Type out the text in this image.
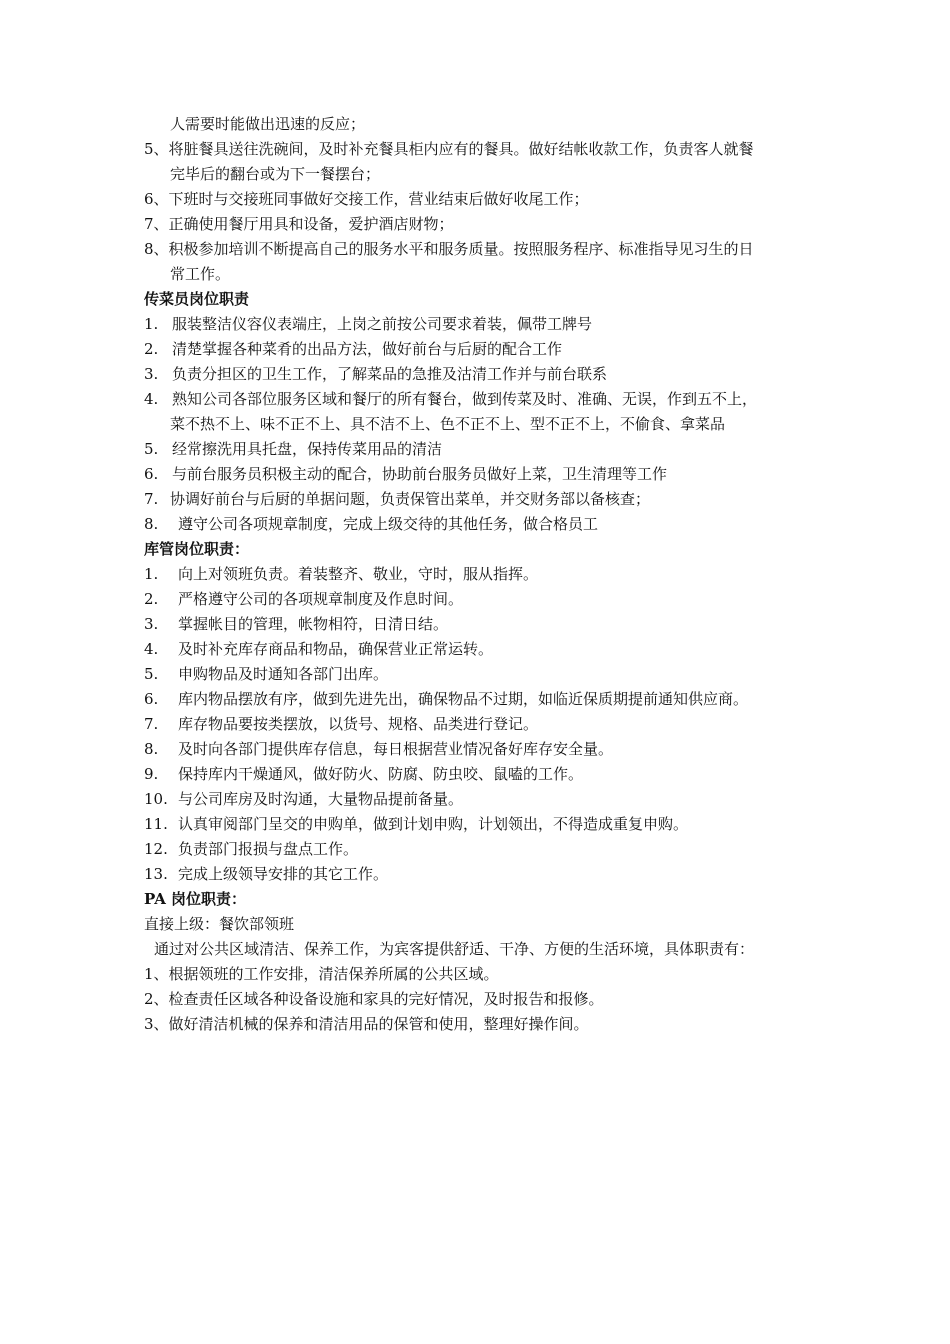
人需要时能做出迅速的反应；
5、将脏餐具送往洗碗间，及时补充餐具柜内应有的餐具。做好结帐收款工作，负责客人就餐
完毕后的翻台或为下一餐摆台；
6、下班时与交接班同事做好交接工作，营业结束后做好收尾工作；
7、正确使用餐厅用具和设备，爱护酒店财物；
8、积极参加培训不断提高自己的服务水平和服务质量。按照服务程序、标准指导见习生的日
常工作。
传菜员岗位职责
1. 服装整洁仪容仪表端庄，上岗之前按公司要求着装，佩带工牌号
2. 清楚掌握各种菜肴的出品方法，做好前台与后厨的配合工作
3. 负责分担区的卫生工作，了解菜品的急推及沽清工作并与前台联系
4. 熟知公司各部位服务区域和餐厅的所有餐台，做到传菜及时、准确、无误，作到五不上，
菜不热不上、味不正不上、具不洁不上、色不正不上、型不正不上，不偷食、拿菜品
5. 经常擦洗用具托盘，保持传菜用品的清洁
6. 与前台服务员积极主动的配合，协助前台服务员做好上菜，卫生清理等工作
7. 协调好前台与后厨的单据问题，负责保管出菜单，并交财务部以备核查；
8. 遵守公司各项规章制度，完成上级交待的其他任务，做合格员工
库管岗位职责：
1. 向上对领班负责。着装整齐、敬业，守时，服从指挥。
2. 严格遵守公司的各项规章制度及作息时间。
3. 掌握帐目的管理，帐物相符，日清日结。
4. 及时补充库存商品和物品，确保营业正常运转。
5. 申购物品及时通知各部门出库。
6. 库内物品摆放有序，做到先进先出，确保物品不过期，如临近保质期提前通知供应商。
7. 库存物品要按类摆放，以货号、规格、品类进行登记。
8. 及时向各部门提供库存信息，每日根据营业情况备好库存安全量。
9. 保持库内干燥通风，做好防火、防腐、防虫咬、鼠嗑的工作。
10. 与公司库房及时沟通，大量物品提前备量。
11. 认真审阅部门呈交的申购单，做到计划申购，计划领出，不得造成重复申购。
12. 负责部门报损与盘点工作。
13. 完成上级领导安排的其它工作。
PA 岗位职责：
直接上级：餐饮部领班
通过对公共区域清洁、保养工作，为宾客提供舒适、干净、方便的生活环境，具体职责有：
1、根据领班的工作安排，清洁保养所属的公共区域。
2、检查责任区域各种设备设施和家具的完好情况，及时报告和报修。
3、做好清洁机械的保养和清洁用品的保管和使用，整理好操作间。
